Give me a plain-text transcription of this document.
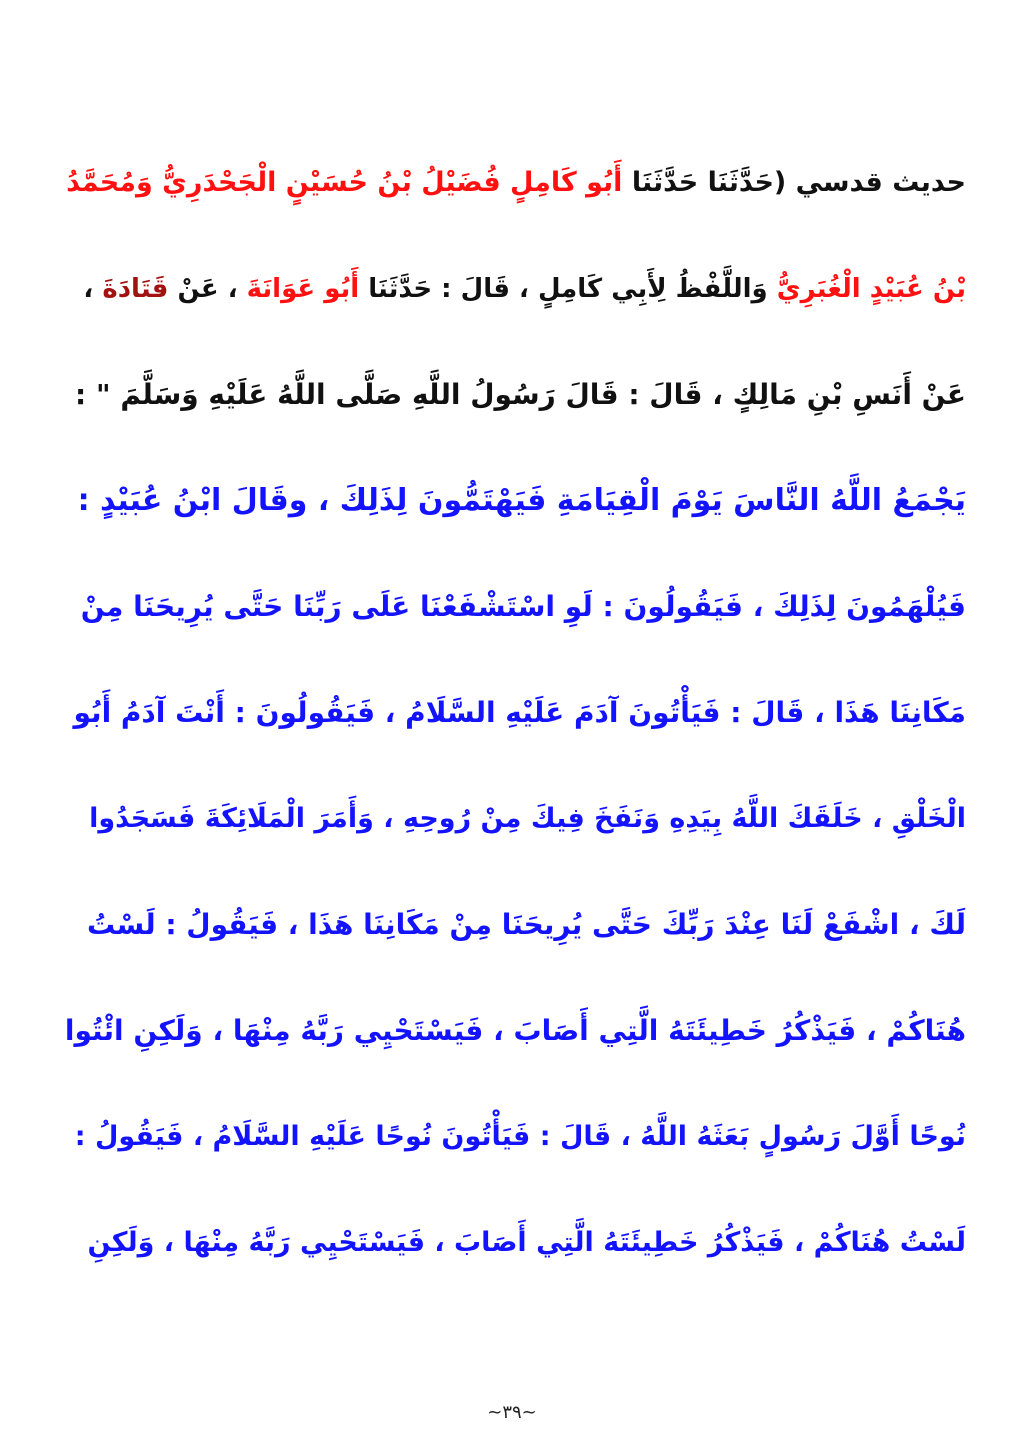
حديث قدسي (حَدَّثَنَا حَدَّثَنَا أَبُو كَامِلٍ فُضَيْلُ بْنُ حُسَيْنٍ الْجَحْدَرِيُّ وَمُحَمَّدُ
بْنُ عُبَيْدٍ الْغُبَرِيُّ وَاللَّفْظُ لِأَبِي كَامِلٍ ، قَالَ : حَدَّثَنَا أَبُو عَوَانَةَ ، عَنْ قَتَادَةَ ،
عَنْ أَنَسِ بْنِ مَالِكٍ ، قَالَ : قَالَ رَسُولُ اللَّهِ صَلَّى اللَّهُ عَلَيْهِ وَسَلَّمَ " :
يَجْمَعُ اللَّهُ النَّاسَ يَوْمَ الْقِيَامَةِ فَيَهْتَمُّونَ لِذَلِكَ ، وقَالَ ابْنُ عُبَيْدٍ :
فَيُلْهَمُونَ لِذَلِكَ ، فَيَقُولُونَ : لَوِ اسْتَشْفَعْنَا عَلَى رَبِّنَا حَتَّى يُرِيحَنَا مِنْ
مَكَانِنَا هَذَا ، قَالَ : فَيَأْتُونَ آدَمَ عَلَيْهِ السَّلَامُ ، فَيَقُولُونَ : أَنْتَ آدَمُ أَبُو
الْخَلْقِ ، خَلَقَكَ اللَّهُ بِيَدِهِ وَنَفَخَ فِيكَ مِنْ رُوحِهِ ، وَأَمَرَ الْمَلَائِكَةَ فَسَجَدُوا
لَكَ ، اشْفَعْ لَنَا عِنْدَ رَبِّكَ حَتَّى يُرِيحَنَا مِنْ مَكَانِنَا هَذَا ، فَيَقُولُ : لَسْتُ
هُنَاكُمْ ، فَيَذْكُرُ خَطِيئَتَهُ الَّتِي أَصَابَ ، فَيَسْتَحْيِي رَبَّهُ مِنْهَا ، وَلَكِنِ ائْتُوا
نُوحًا أَوَّلَ رَسُولٍ بَعَثَهُ اللَّهُ ، قَالَ : فَيَأْتُونَ نُوحًا عَلَيْهِ السَّلَامُ ، فَيَقُولُ :
لَسْتُ هُنَاكُمْ ، فَيَذْكُرُ خَطِيئَتَهُ الَّتِي أَصَابَ ، فَيَسْتَحْيِي رَبَّهُ مِنْهَا ، وَلَكِنِ
~٣٩~
